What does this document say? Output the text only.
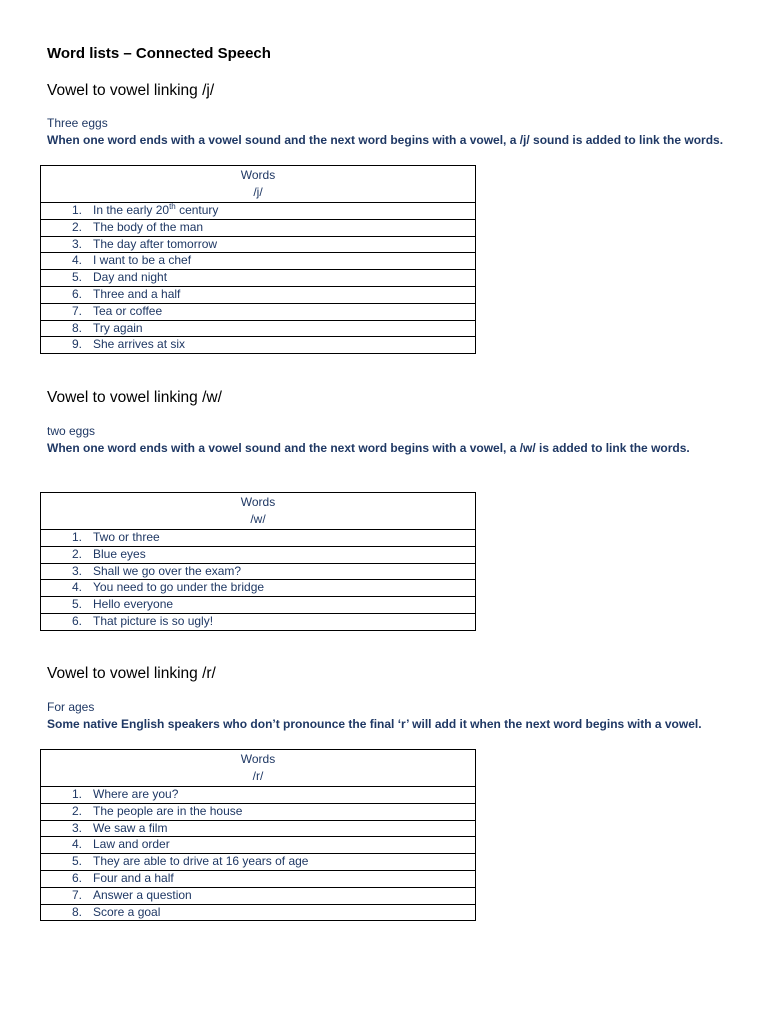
Word lists – Connected Speech
Vowel to vowel linking /j/
Three eggs
When one word ends with a vowel sound and the next word begins with a vowel, a /j/ sound is added to link the words.
Words
/j/

1. In the early 20th century
2. The body of the man
3. The day after tomorrow
4. I want to be a chef
5. Day and night
6. Three and a half
7. Tea or coffee
8. Try again
9. She arrives at six
Vowel to vowel linking /w/
two eggs
When one word ends with a vowel sound and the next word begins with a vowel, a /w/ is added to link the words.
Words
/w/

1. Two or three
2. Blue eyes
3. Shall we go over the exam?
4. You need to go under the bridge
5. Hello everyone
6. That picture is so ugly!
Vowel to vowel linking /r/
For ages
Some native English speakers who don’t pronounce the final ‘r’ will add it when the next word begins with a vowel.
Words
/r/

1. Where are you?
2. The people are in the house
3. We saw a film
4. Law and order
5. They are able to drive at 16 years of age
6. Four and a half
7. Answer a question
8. Score a goal
